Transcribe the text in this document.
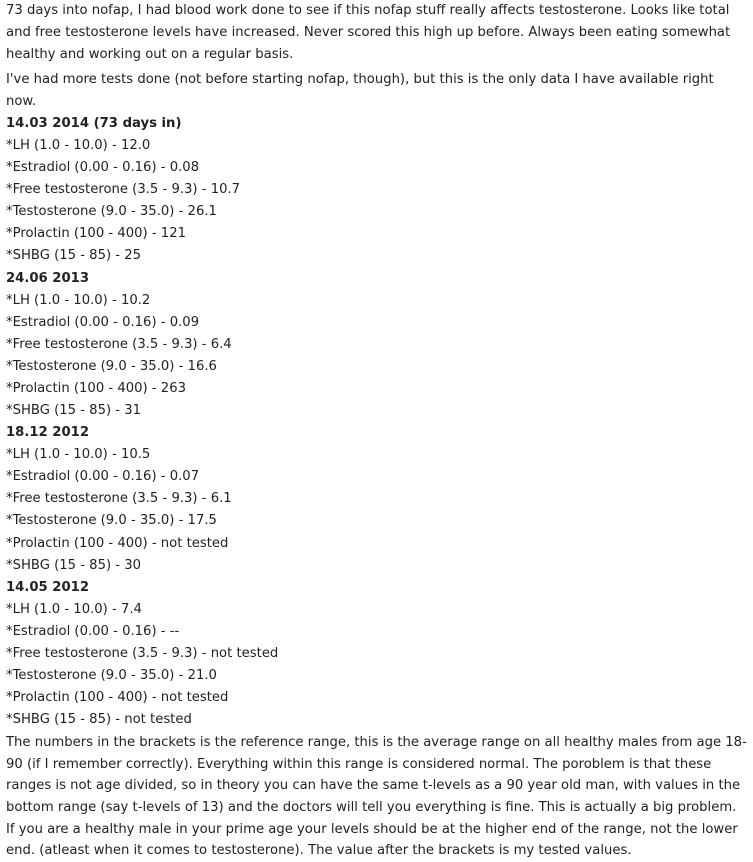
73 days into nofap, I had blood work done to see if this nofap stuff really affects testosterone. Looks like total and free testosterone levels have increased. Never scored this high up before. Always been eating somewhat healthy and working out on a regular basis.

I've had more tests done (not before starting nofap, though), but this is the only data I have available right now.

14.03 2014 (73 days in)

*LH (1.0 - 10.0) - 12.0

*Estradiol (0.00 - 0.16) - 0.08

*Free testosterone (3.5 - 9.3) - 10.7

*Testosterone (9.0 - 35.0) - 26.1

*Prolactin (100 - 400) - 121

*SHBG (15 - 85) - 25

24.06 2013

*LH (1.0 - 10.0) - 10.2

*Estradiol (0.00 - 0.16) - 0.09

*Free testosterone (3.5 - 9.3) - 6.4

*Testosterone (9.0 - 35.0) - 16.6

*Prolactin (100 - 400) - 263

*SHBG (15 - 85) - 31

18.12 2012

*LH (1.0 - 10.0) - 10.5

*Estradiol (0.00 - 0.16) - 0.07

*Free testosterone (3.5 - 9.3) - 6.1

*Testosterone (9.0 - 35.0) - 17.5

*Prolactin (100 - 400) - not tested

*SHBG (15 - 85) - 30

14.05 2012

*LH (1.0 - 10.0) - 7.4

*Estradiol (0.00 - 0.16) - --

*Free testosterone (3.5 - 9.3) - not tested

*Testosterone (9.0 - 35.0) - 21.0

*Prolactin (100 - 400) - not tested

*SHBG (15 - 85) - not tested

The numbers in the brackets is the reference range, this is the average range on all healthy males from age 18-90 (if I remember correctly). Everything within this range is considered normal. The poroblem is that these ranges is not age divided, so in theory you can have the same t-levels as a 90 year old man, with values in the bottom range (say t-levels of 13) and the doctors will tell you everything is fine. This is actually a big problem. If you are a healthy male in your prime age your levels should be at the higher end of the range, not the lower end. (atleast when it comes to testosterone). The value after the brackets is my tested values.
